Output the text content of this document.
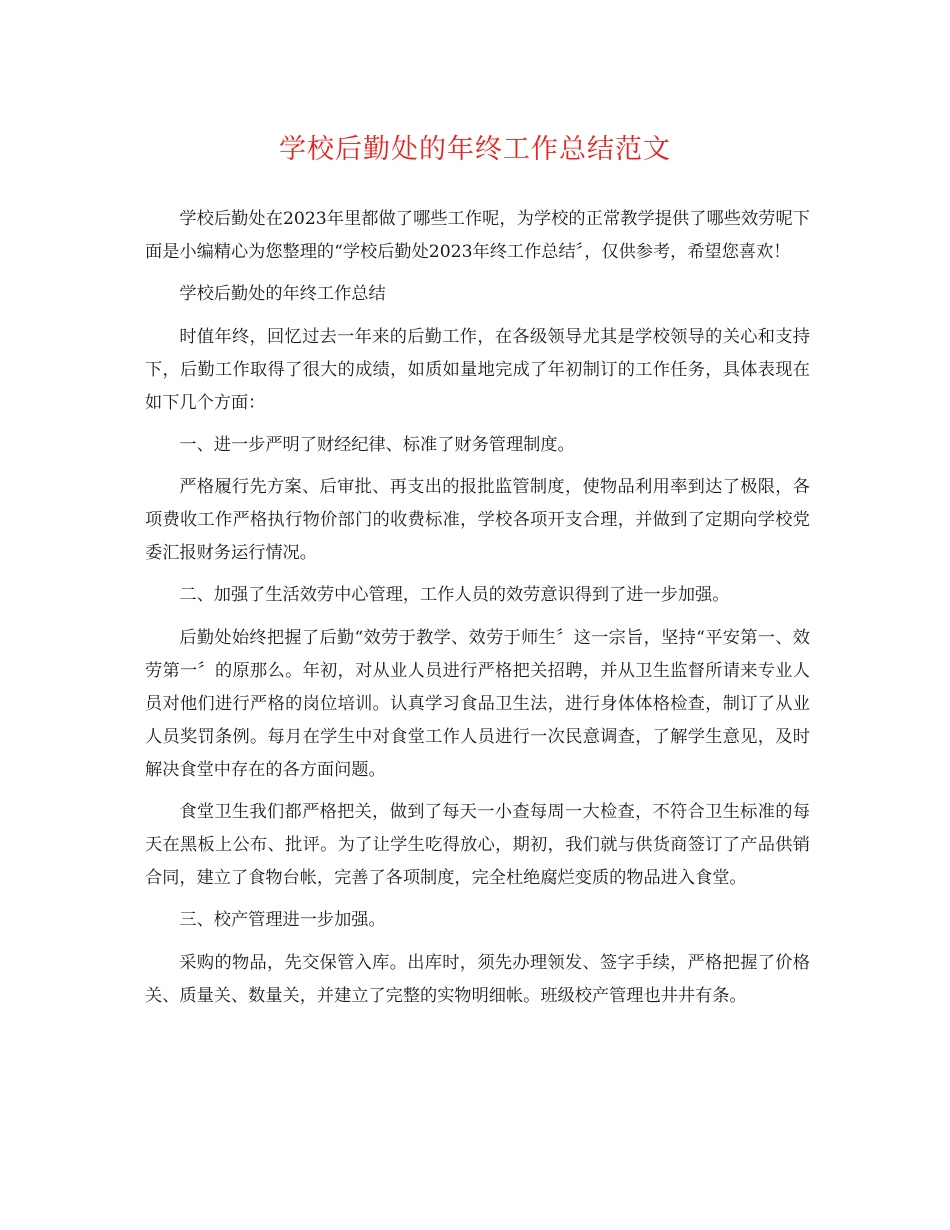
学校后勤处的年终工作总结范文

学校后勤处在2023年里都做了哪些工作呢，为学校的正常教学提供了哪些效劳呢下面是小编精心为您整理的“学校后勤处2023年终工作总结〞，仅供参考，希望您喜欢！

学校后勤处的年终工作总结

时值年终，回忆过去一年来的后勤工作，在各级领导尤其是学校领导的关心和支持下，后勤工作取得了很大的成绩，如质如量地完成了年初制订的工作任务，具体表现在如下几个方面：

一、进一步严明了财经纪律、标准了财务管理制度。

严格履行先方案、后审批、再支出的报批监管制度，使物品利用率到达了极限，各项费收工作严格执行物价部门的收费标准，学校各项开支合理，并做到了定期向学校党委汇报财务运行情况。

二、加强了生活效劳中心管理，工作人员的效劳意识得到了进一步加强。

后勤处始终把握了后勤“效劳于教学、效劳于师生〞这一宗旨，坚持“平安第一、效劳第一〞的原那么。年初，对从业人员进行严格把关招聘，并从卫生监督所请来专业人员对他们进行严格的岗位培训。认真学习食品卫生法，进行身体体格检查，制订了从业人员奖罚条例。每月在学生中对食堂工作人员进行一次民意调查，了解学生意见，及时解决食堂中存在的各方面问题。

食堂卫生我们都严格把关，做到了每天一小查每周一大检查，不符合卫生标准的每天在黑板上公布、批评。为了让学生吃得放心，期初，我们就与供货商签订了产品供销合同，建立了食物台帐，完善了各项制度，完全杜绝腐烂变质的物品进入食堂。

三、校产管理进一步加强。

采购的物品，先交保管入库。出库时，须先办理领发、签字手续，严格把握了价格关、质量关、数量关，并建立了完整的实物明细帐。班级校产管理也井井有条。
